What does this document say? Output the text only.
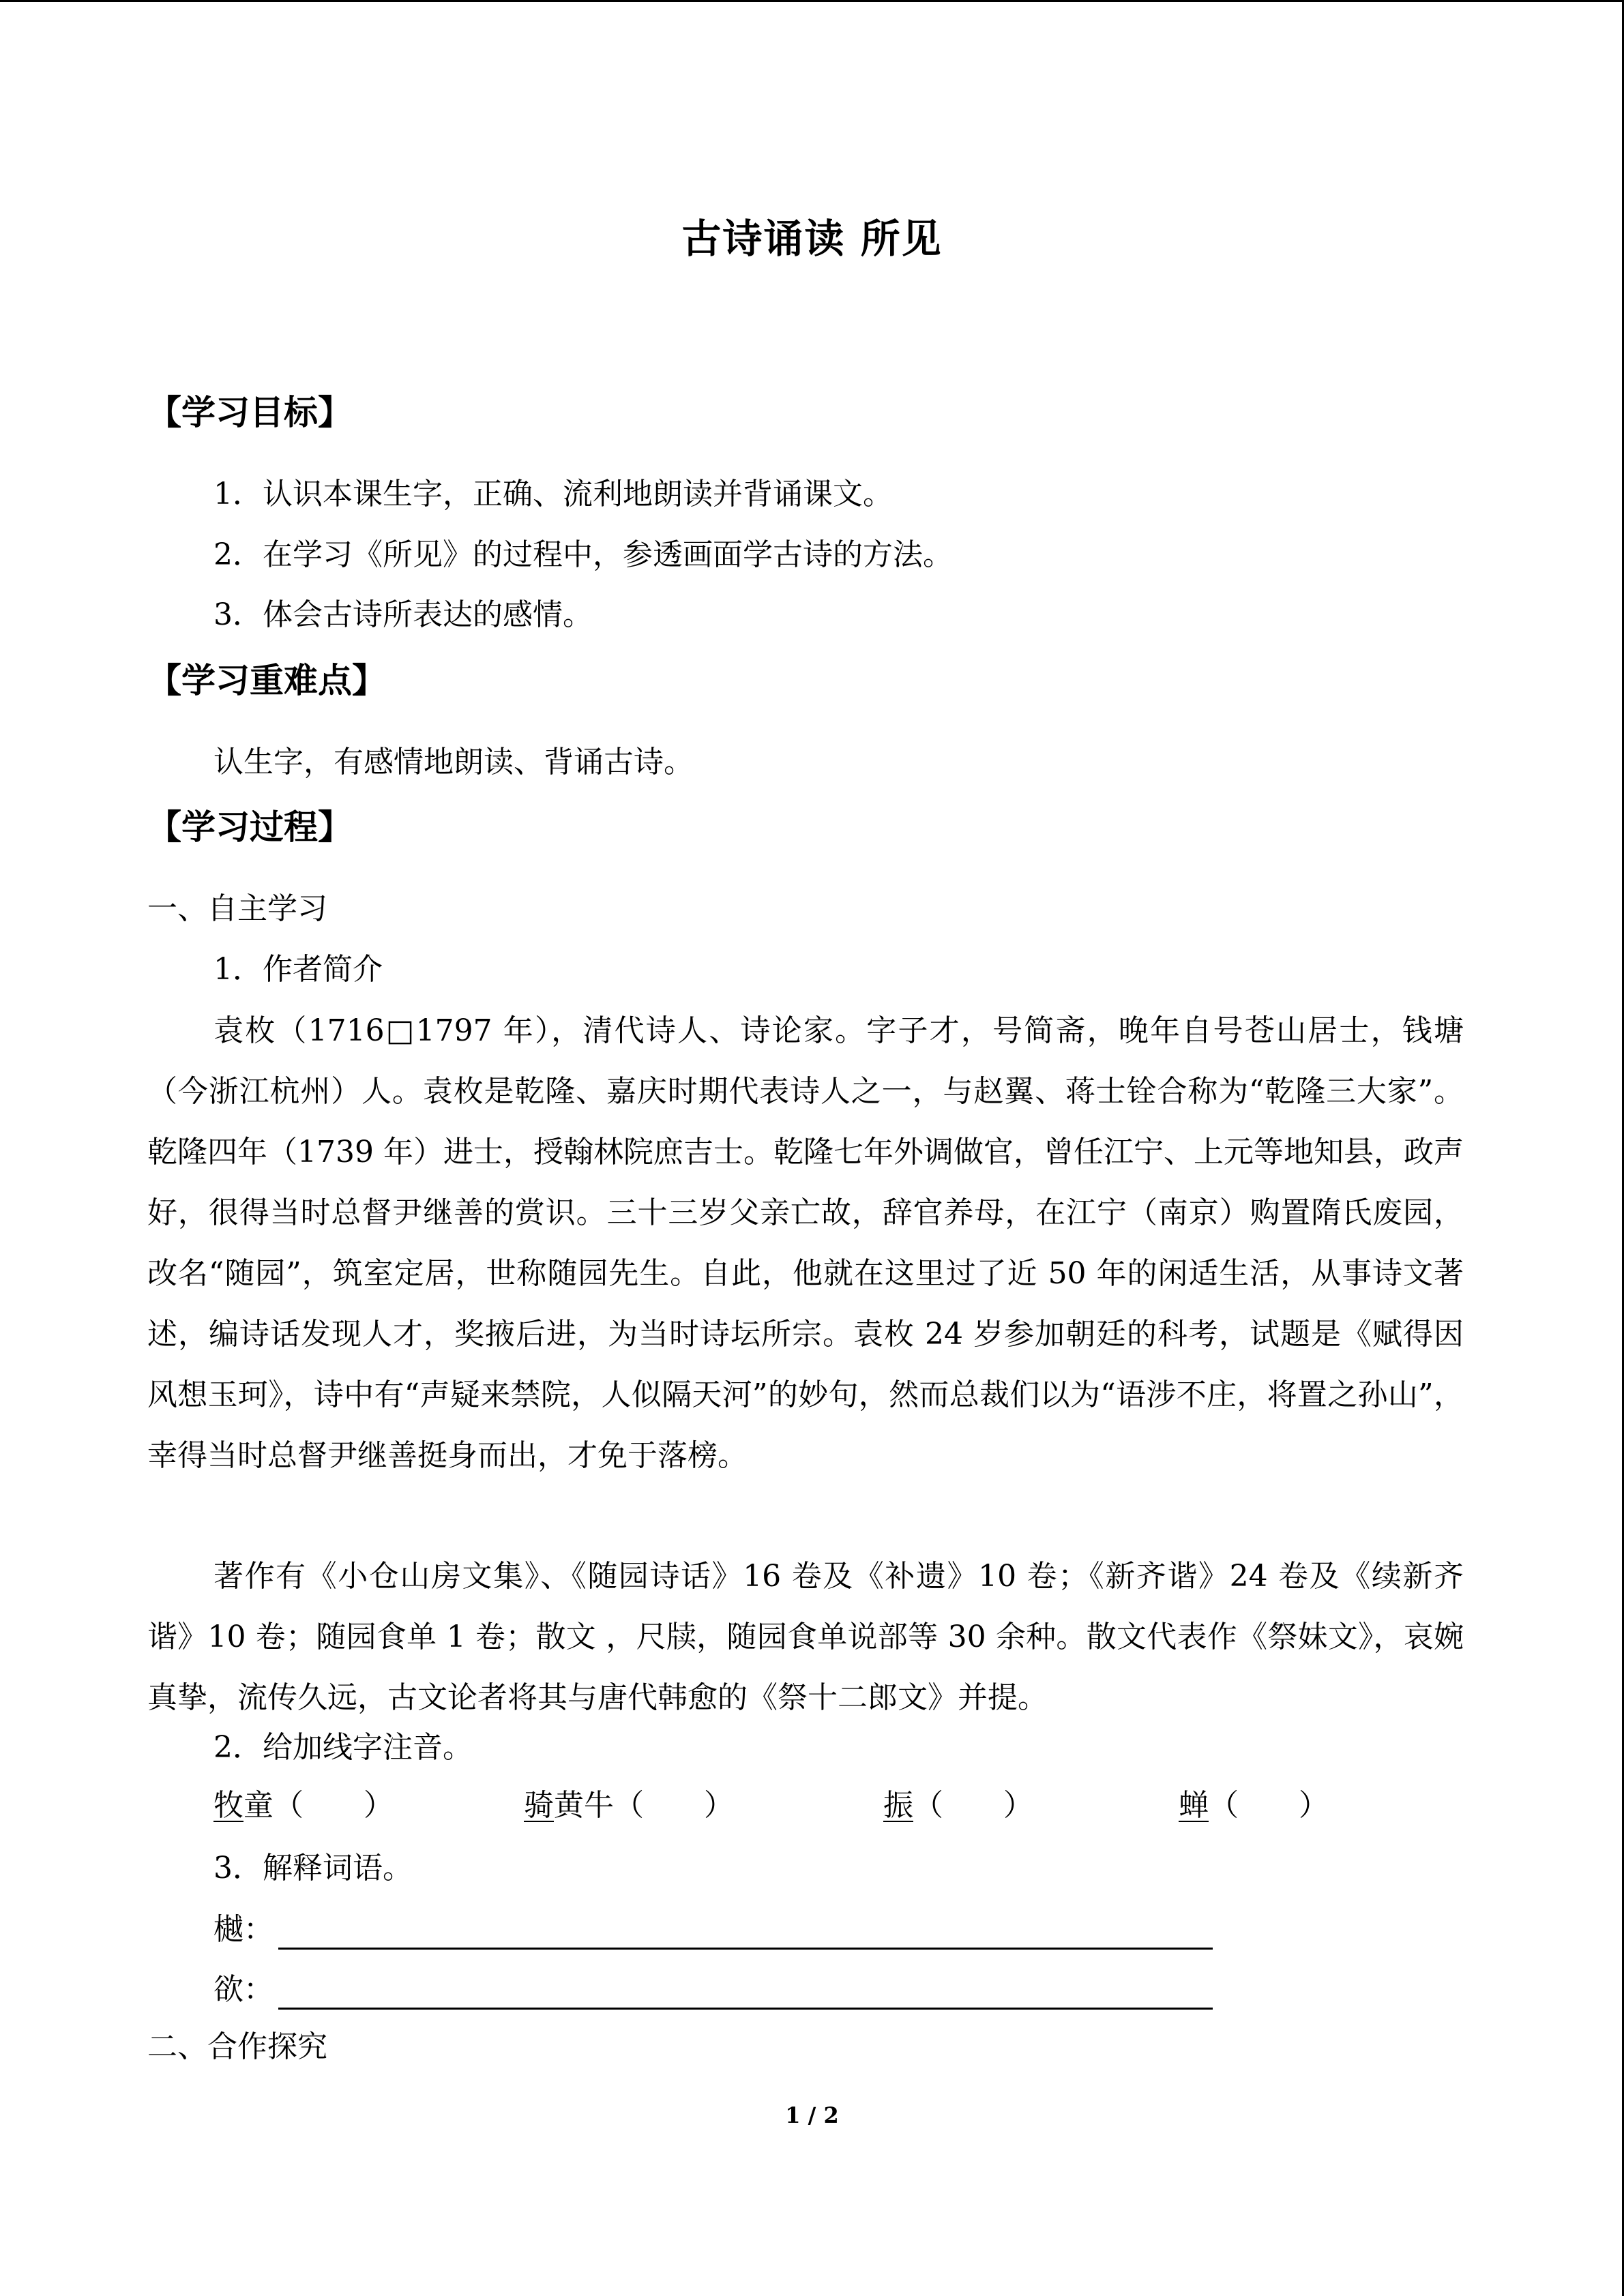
古诗诵读 所见
【学习目标】
1．认识本课生字，正确、流利地朗读并背诵课文。
2．在学习《所见》的过程中，参透画面学古诗的方法。
3．体会古诗所表达的感情。
【学习重难点】
认生字，有感情地朗读、背诵古诗。
【学习过程】
一、自主学习
1．作者简介
袁枚（1716□1797 年），清代诗人、诗论家。字子才，号简斋，晚年自号苍山居士，钱塘（今浙江杭州）人。袁枚是乾隆、嘉庆时期代表诗人之一，与赵翼、蒋士铨合称为“乾隆三大家”。乾隆四年（1739 年）进士，授翰林院庶吉士。乾隆七年外调做官，曾任江宁、上元等地知县，政声好，很得当时总督尹继善的赏识。三十三岁父亲亡故，辞官养母，在江宁（南京）购置隋氏废园，改名“随园”，筑室定居，世称随园先生。自此，他就在这里过了近 50 年的闲适生活，从事诗文著述，编诗话发现人才，奖掖后进，为当时诗坛所宗。袁枚 24 岁参加朝廷的科考，试题是《赋得因风想玉珂》，诗中有“声疑来禁院，人似隔天河”的妙句，然而总裁们以为“语涉不庄，将置之孙山”，幸得当时总督尹继善挺身而出，才免于落榜。
著作有《小仓山房文集》、《随园诗话》16 卷及《补遗》10 卷；《新齐谐》24 卷及《续新齐谐》10 卷；随园食单 1 卷；散文 ，尺牍，随园食单说部等 30 余种。散文代表作《祭妹文》，哀婉真挚，流传久远，古文论者将其与唐代韩愈的《祭十二郎文》并提。
2．给加线字注音。
牧童（　　）	骑黄牛（　　）	振（　　）	蝉（　　）
3．解释词语。
樾：
欲：
二、合作探究
1 / 2
